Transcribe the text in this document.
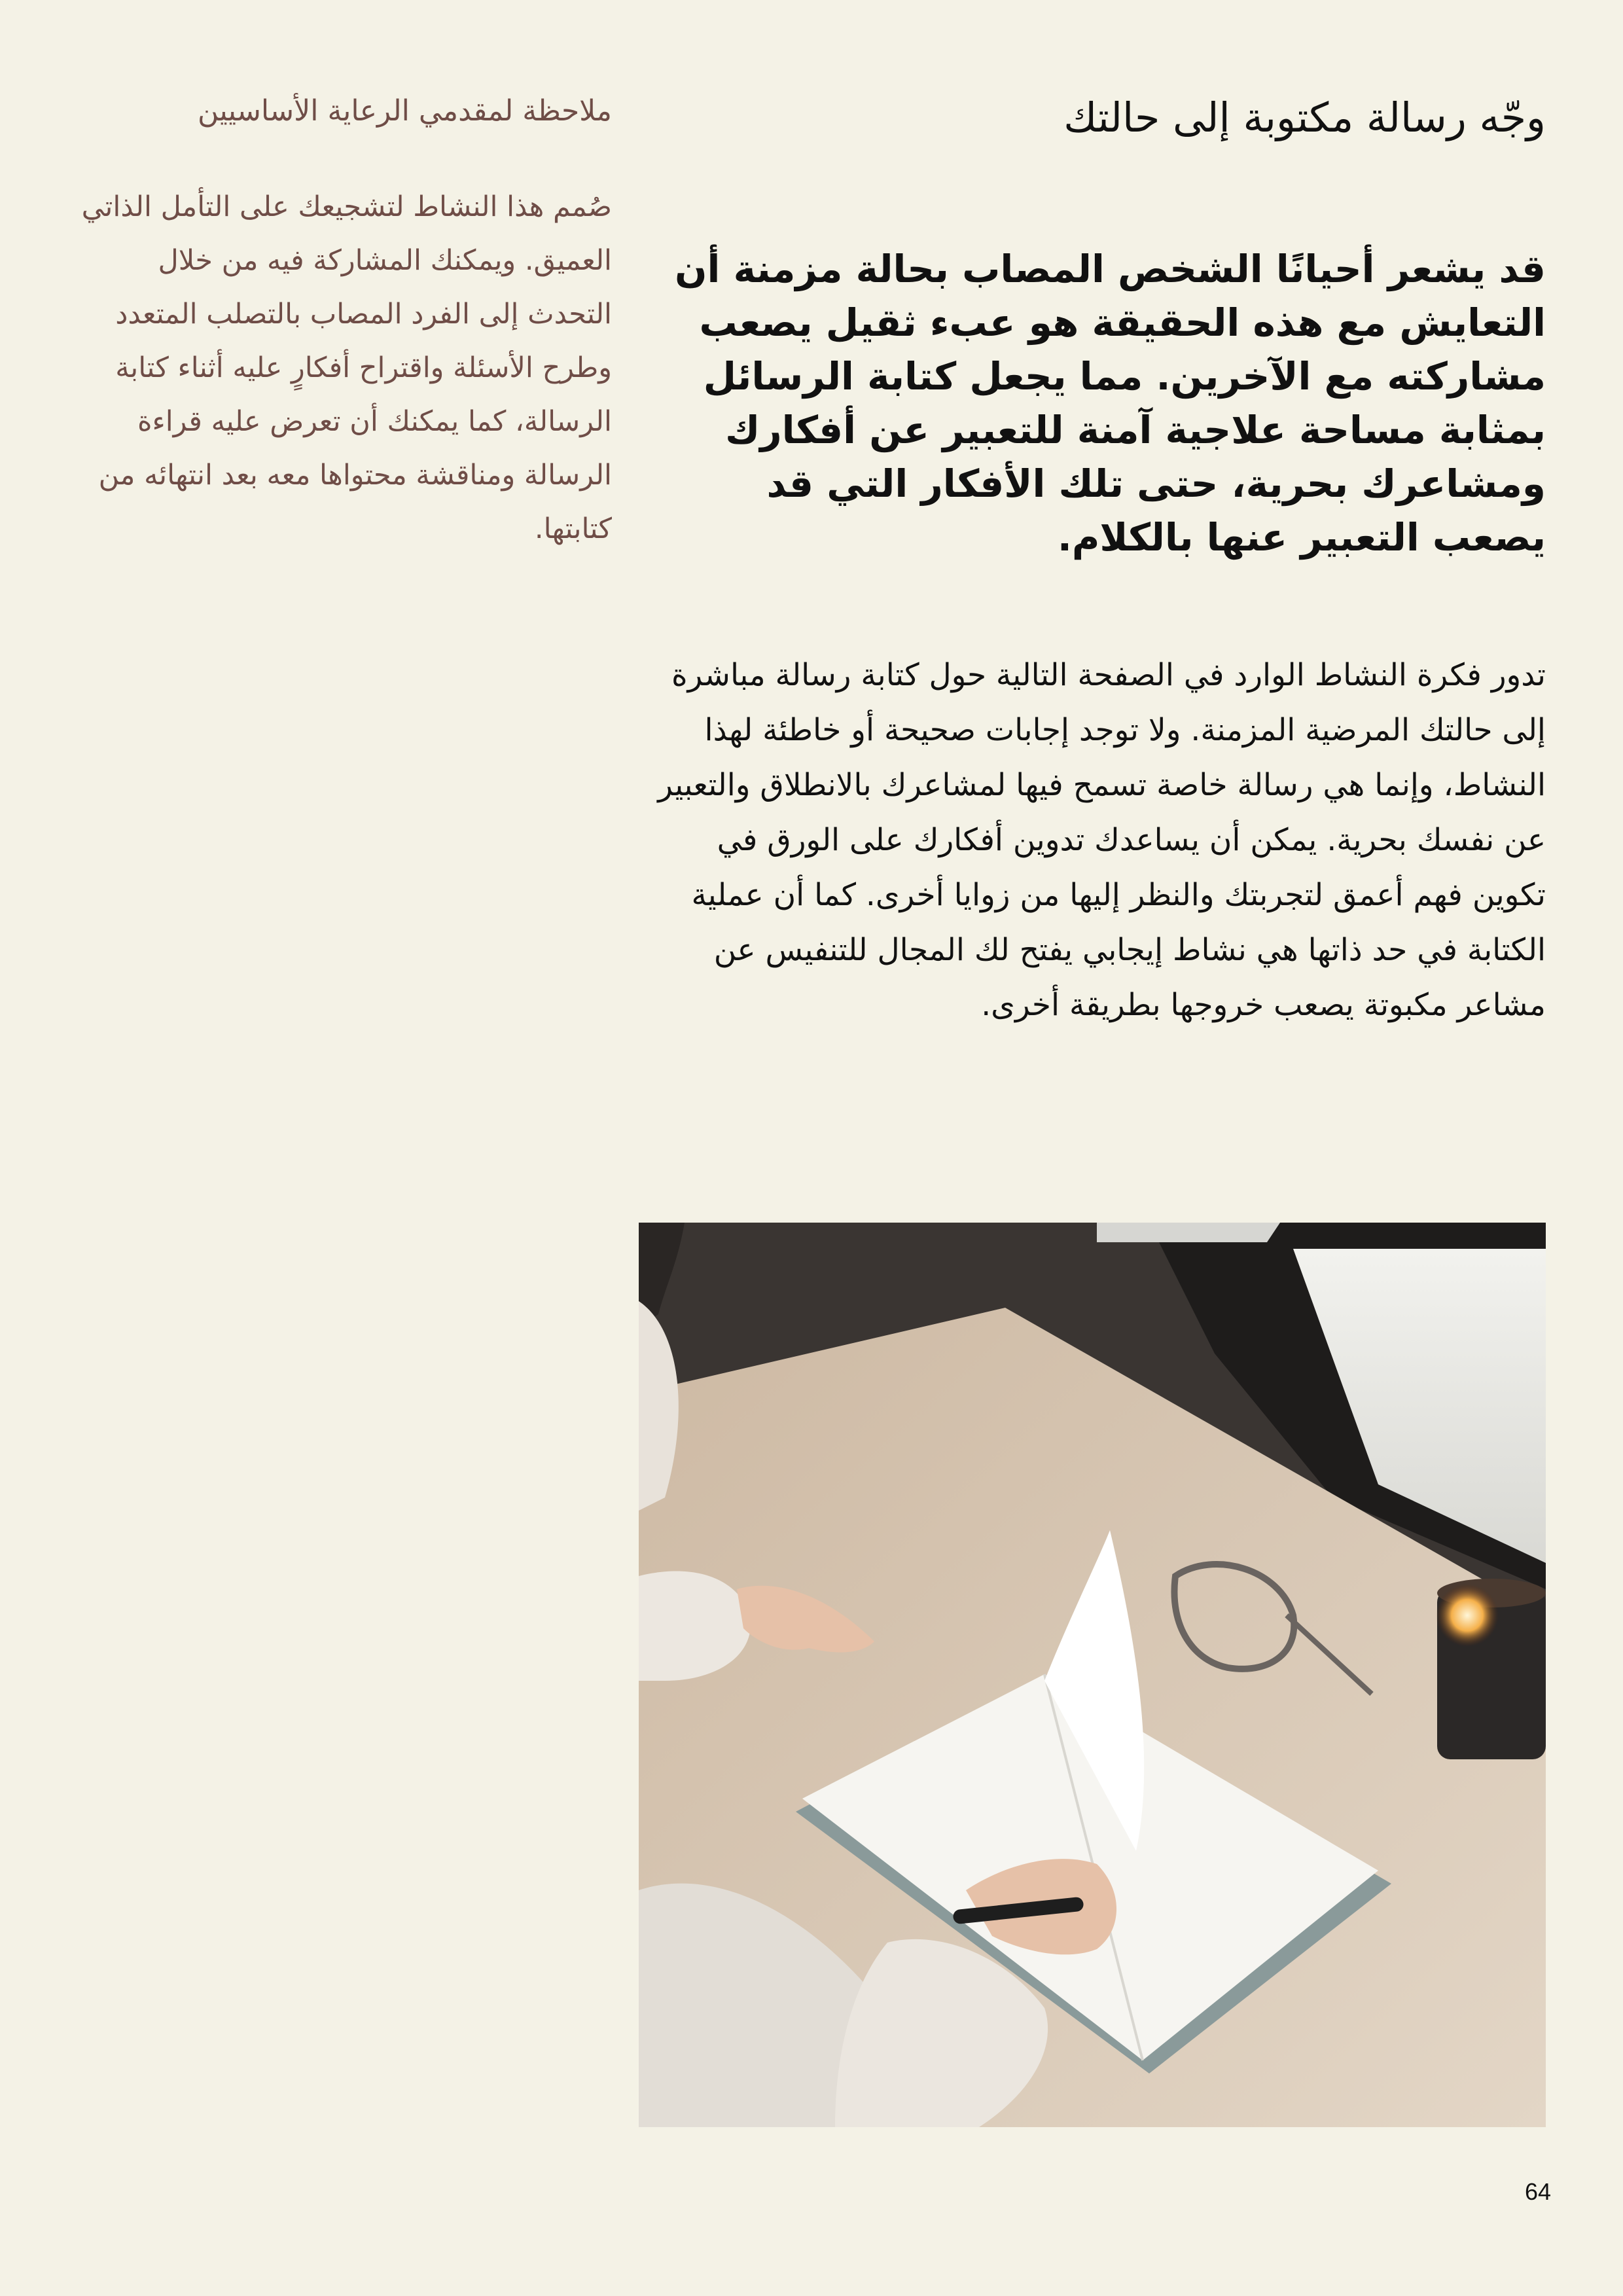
وجّه رسالة مكتوبة إلى حالتك

قد يشعر أحيانًا الشخص المصاب بحالة مزمنة أن التعايش مع هذه الحقيقة هو عبء ثقيل يصعب مشاركته مع الآخرين. مما يجعل كتابة الرسائل بمثابة مساحة علاجية آمنة للتعبير عن أفكارك ومشاعرك بحرية، حتى تلك الأفكار التي قد يصعب التعبير عنها بالكلام.

تدور فكرة النشاط الوارد في الصفحة التالية حول كتابة رسالة مباشرة إلى حالتك المرضية المزمنة. ولا توجد إجابات صحيحة أو خاطئة لهذا النشاط، وإنما هي رسالة خاصة تسمح فيها لمشاعرك بالانطلاق والتعبير عن نفسك بحرية. يمكن أن يساعدك تدوين أفكارك على الورق في تكوين فهم أعمق لتجربتك والنظر إليها من زوايا أخرى. كما أن عملية الكتابة في حد ذاتها هي نشاط إيجابي يفتح لك المجال للتنفيس عن مشاعر مكبوتة يصعب خروجها بطريقة أخرى.

ملاحظة لمقدمي الرعاية الأساسيين

صُمم هذا النشاط لتشجيعك على التأمل الذاتي العميق. ويمكنك المشاركة فيه من خلال التحدث إلى الفرد المصاب بالتصلب المتعدد وطرح الأسئلة واقتراح أفكارٍ عليه أثناء كتابة الرسالة، كما يمكنك أن تعرض عليه قراءة الرسالة ومناقشة محتواها معه بعد انتهائه من كتابتها.

64
